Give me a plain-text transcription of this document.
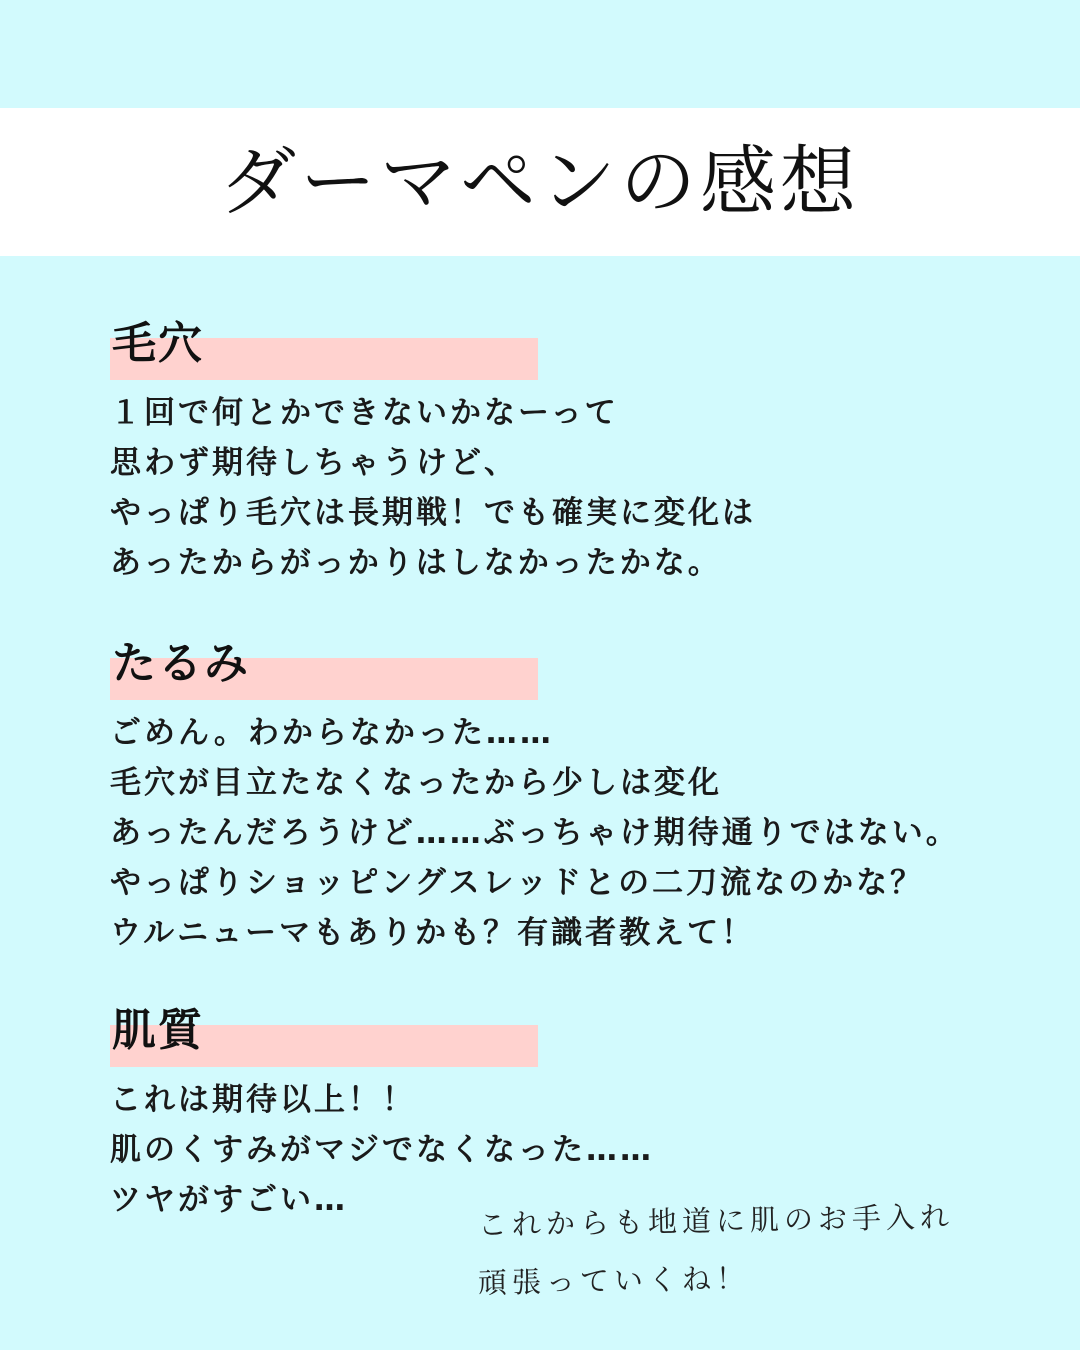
ダーマペンの感想
毛穴
１回で何とかできないかなーって
思わず期待しちゃうけど、
やっぱり毛穴は長期戦！でも確実に変化は
あったからがっかりはしなかったかな。
たるみ
ごめん。わからなかった……
毛穴が目立たなくなったから少しは変化
あったんだろうけど……ぶっちゃけ期待通りではない。
やっぱりショッピングスレッドとの二刀流なのかな？
ウルニューマもありかも？有識者教えて！
肌質
これは期待以上！！
肌のくすみがマジでなくなった……
ツヤがすごい…	これからも地道に肌のお手入れ
頑張っていくね！
